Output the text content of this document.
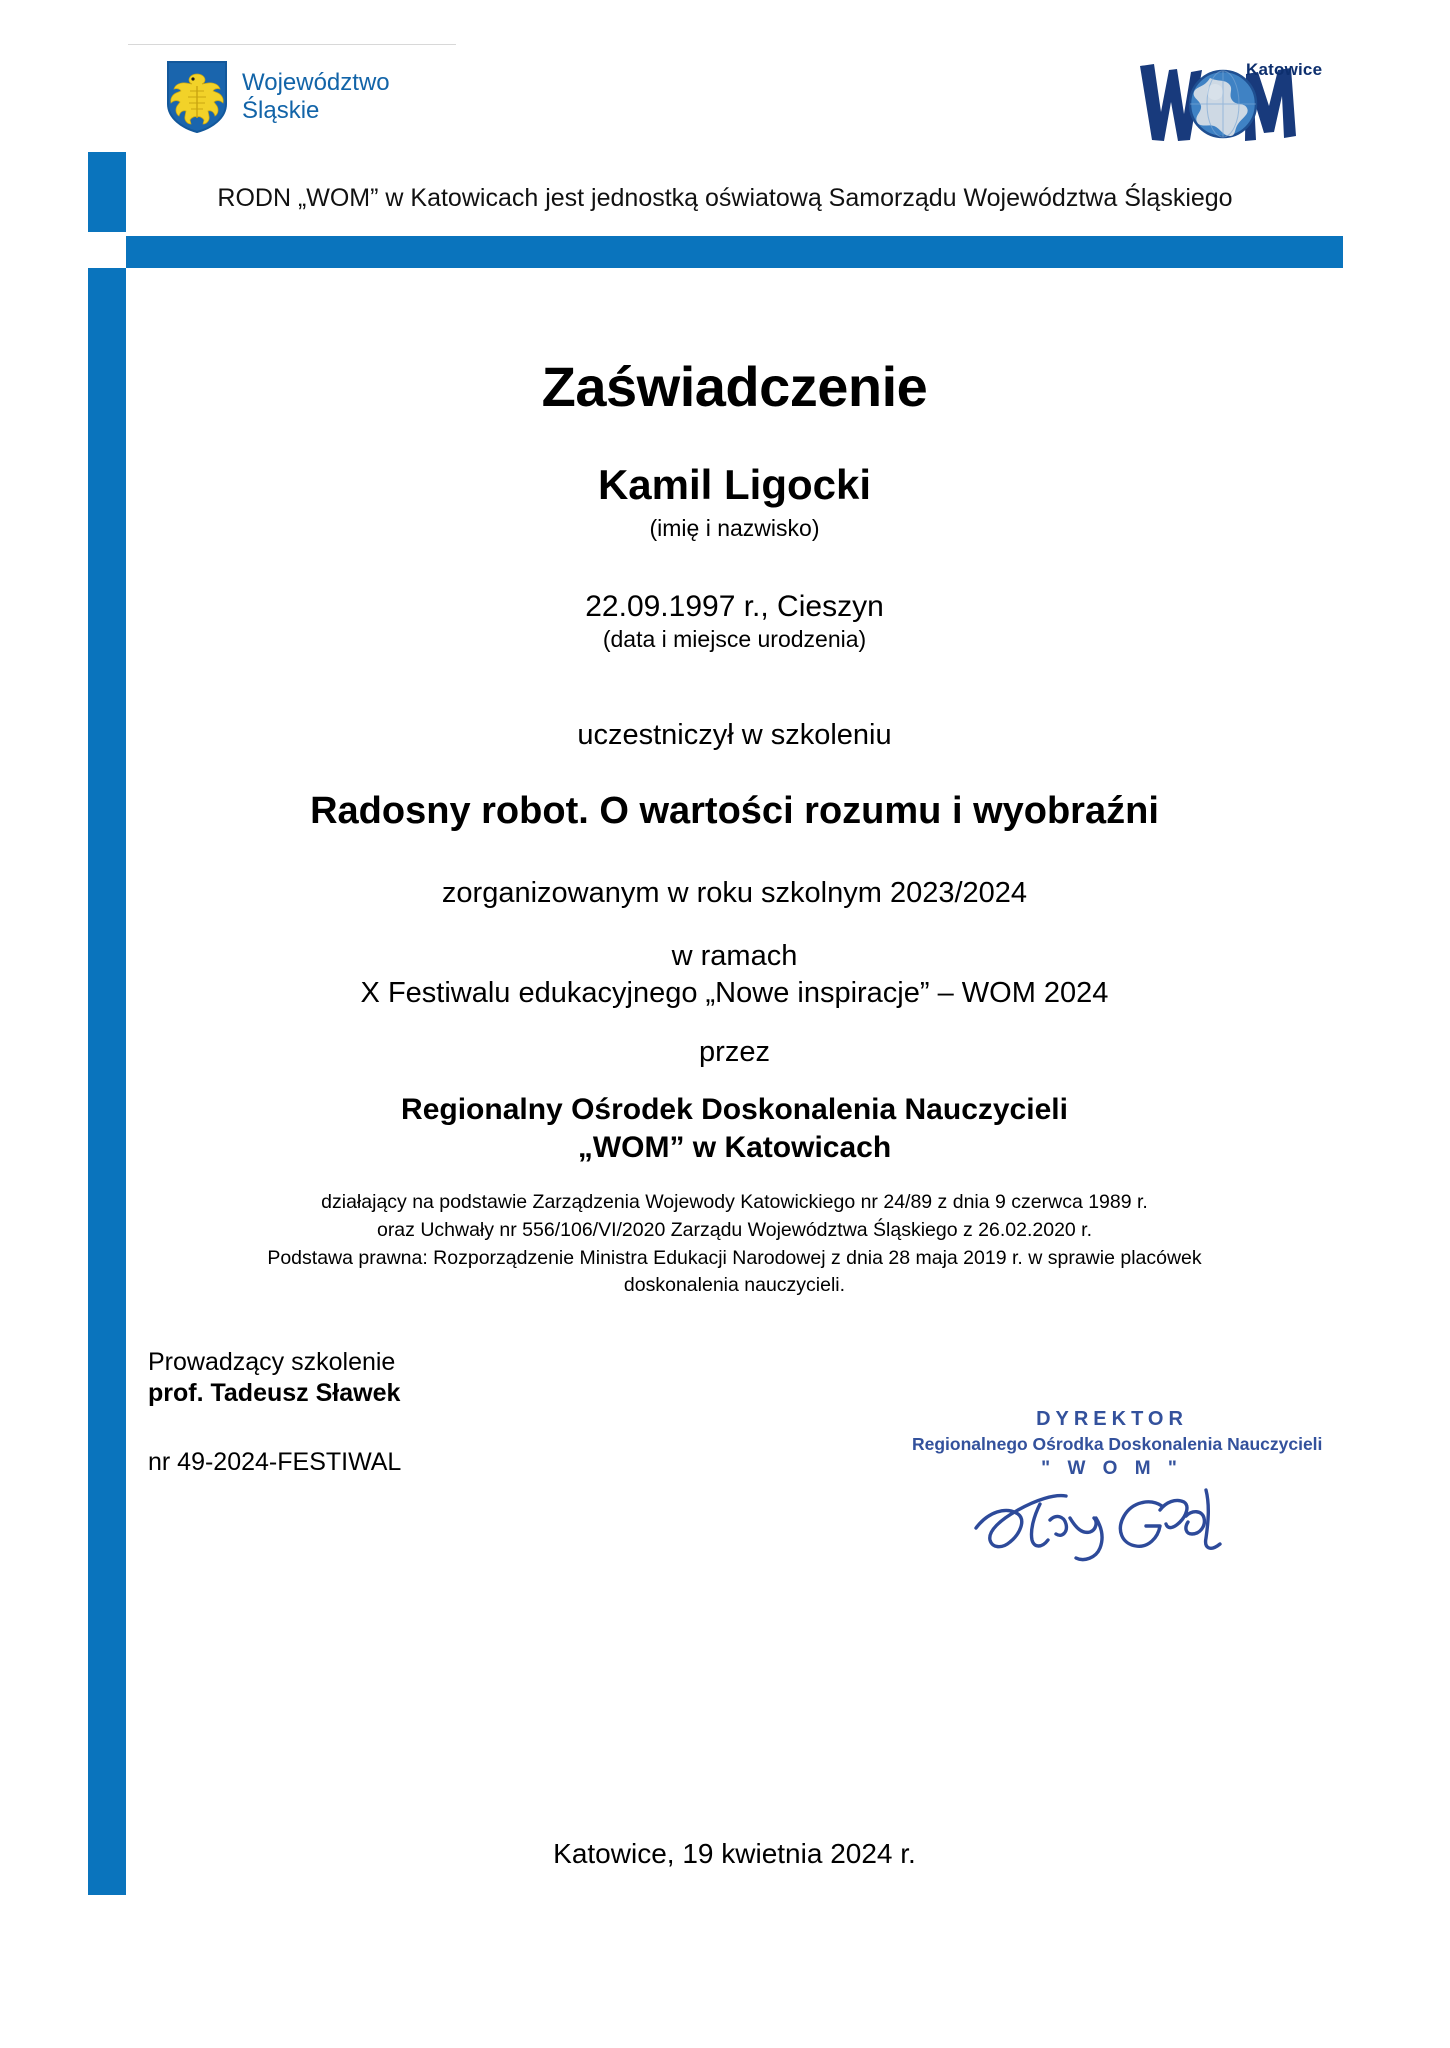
Województwo
Śląskie
Katowice
RODN „WOM” w Katowicach jest jednostką oświatową Samorządu Województwa Śląskiego
Zaświadczenie
Kamil Ligocki
(imię i nazwisko)
22.09.1997 r., Cieszyn
(data i miejsce urodzenia)
uczestniczył w szkoleniu
Radosny robot. O wartości rozumu i wyobraźni
zorganizowanym w roku szkolnym 2023/2024
w ramach
X Festiwalu edukacyjnego „Nowe inspiracje” – WOM 2024
przez
Regionalny Ośrodek Doskonalenia Nauczycieli
„WOM” w Katowicach
działający na podstawie Zarządzenia Wojewody Katowickiego nr 24/89 z dnia 9 czerwca 1989 r.
oraz Uchwały nr 556/106/VI/2020 Zarządu Województwa Śląskiego z 26.02.2020 r.
Podstawa prawna: Rozporządzenie Ministra Edukacji Narodowej z dnia 28 maja 2019 r. w sprawie placówek
doskonalenia nauczycieli.
Prowadzący szkolenie
prof. Tadeusz Sławek
nr 49-2024-FESTIWAL
DYREKTOR
Regionalnego Ośrodka Doskonalenia Nauczycieli
" W O M "
Katowice, 19 kwietnia 2024 r.
